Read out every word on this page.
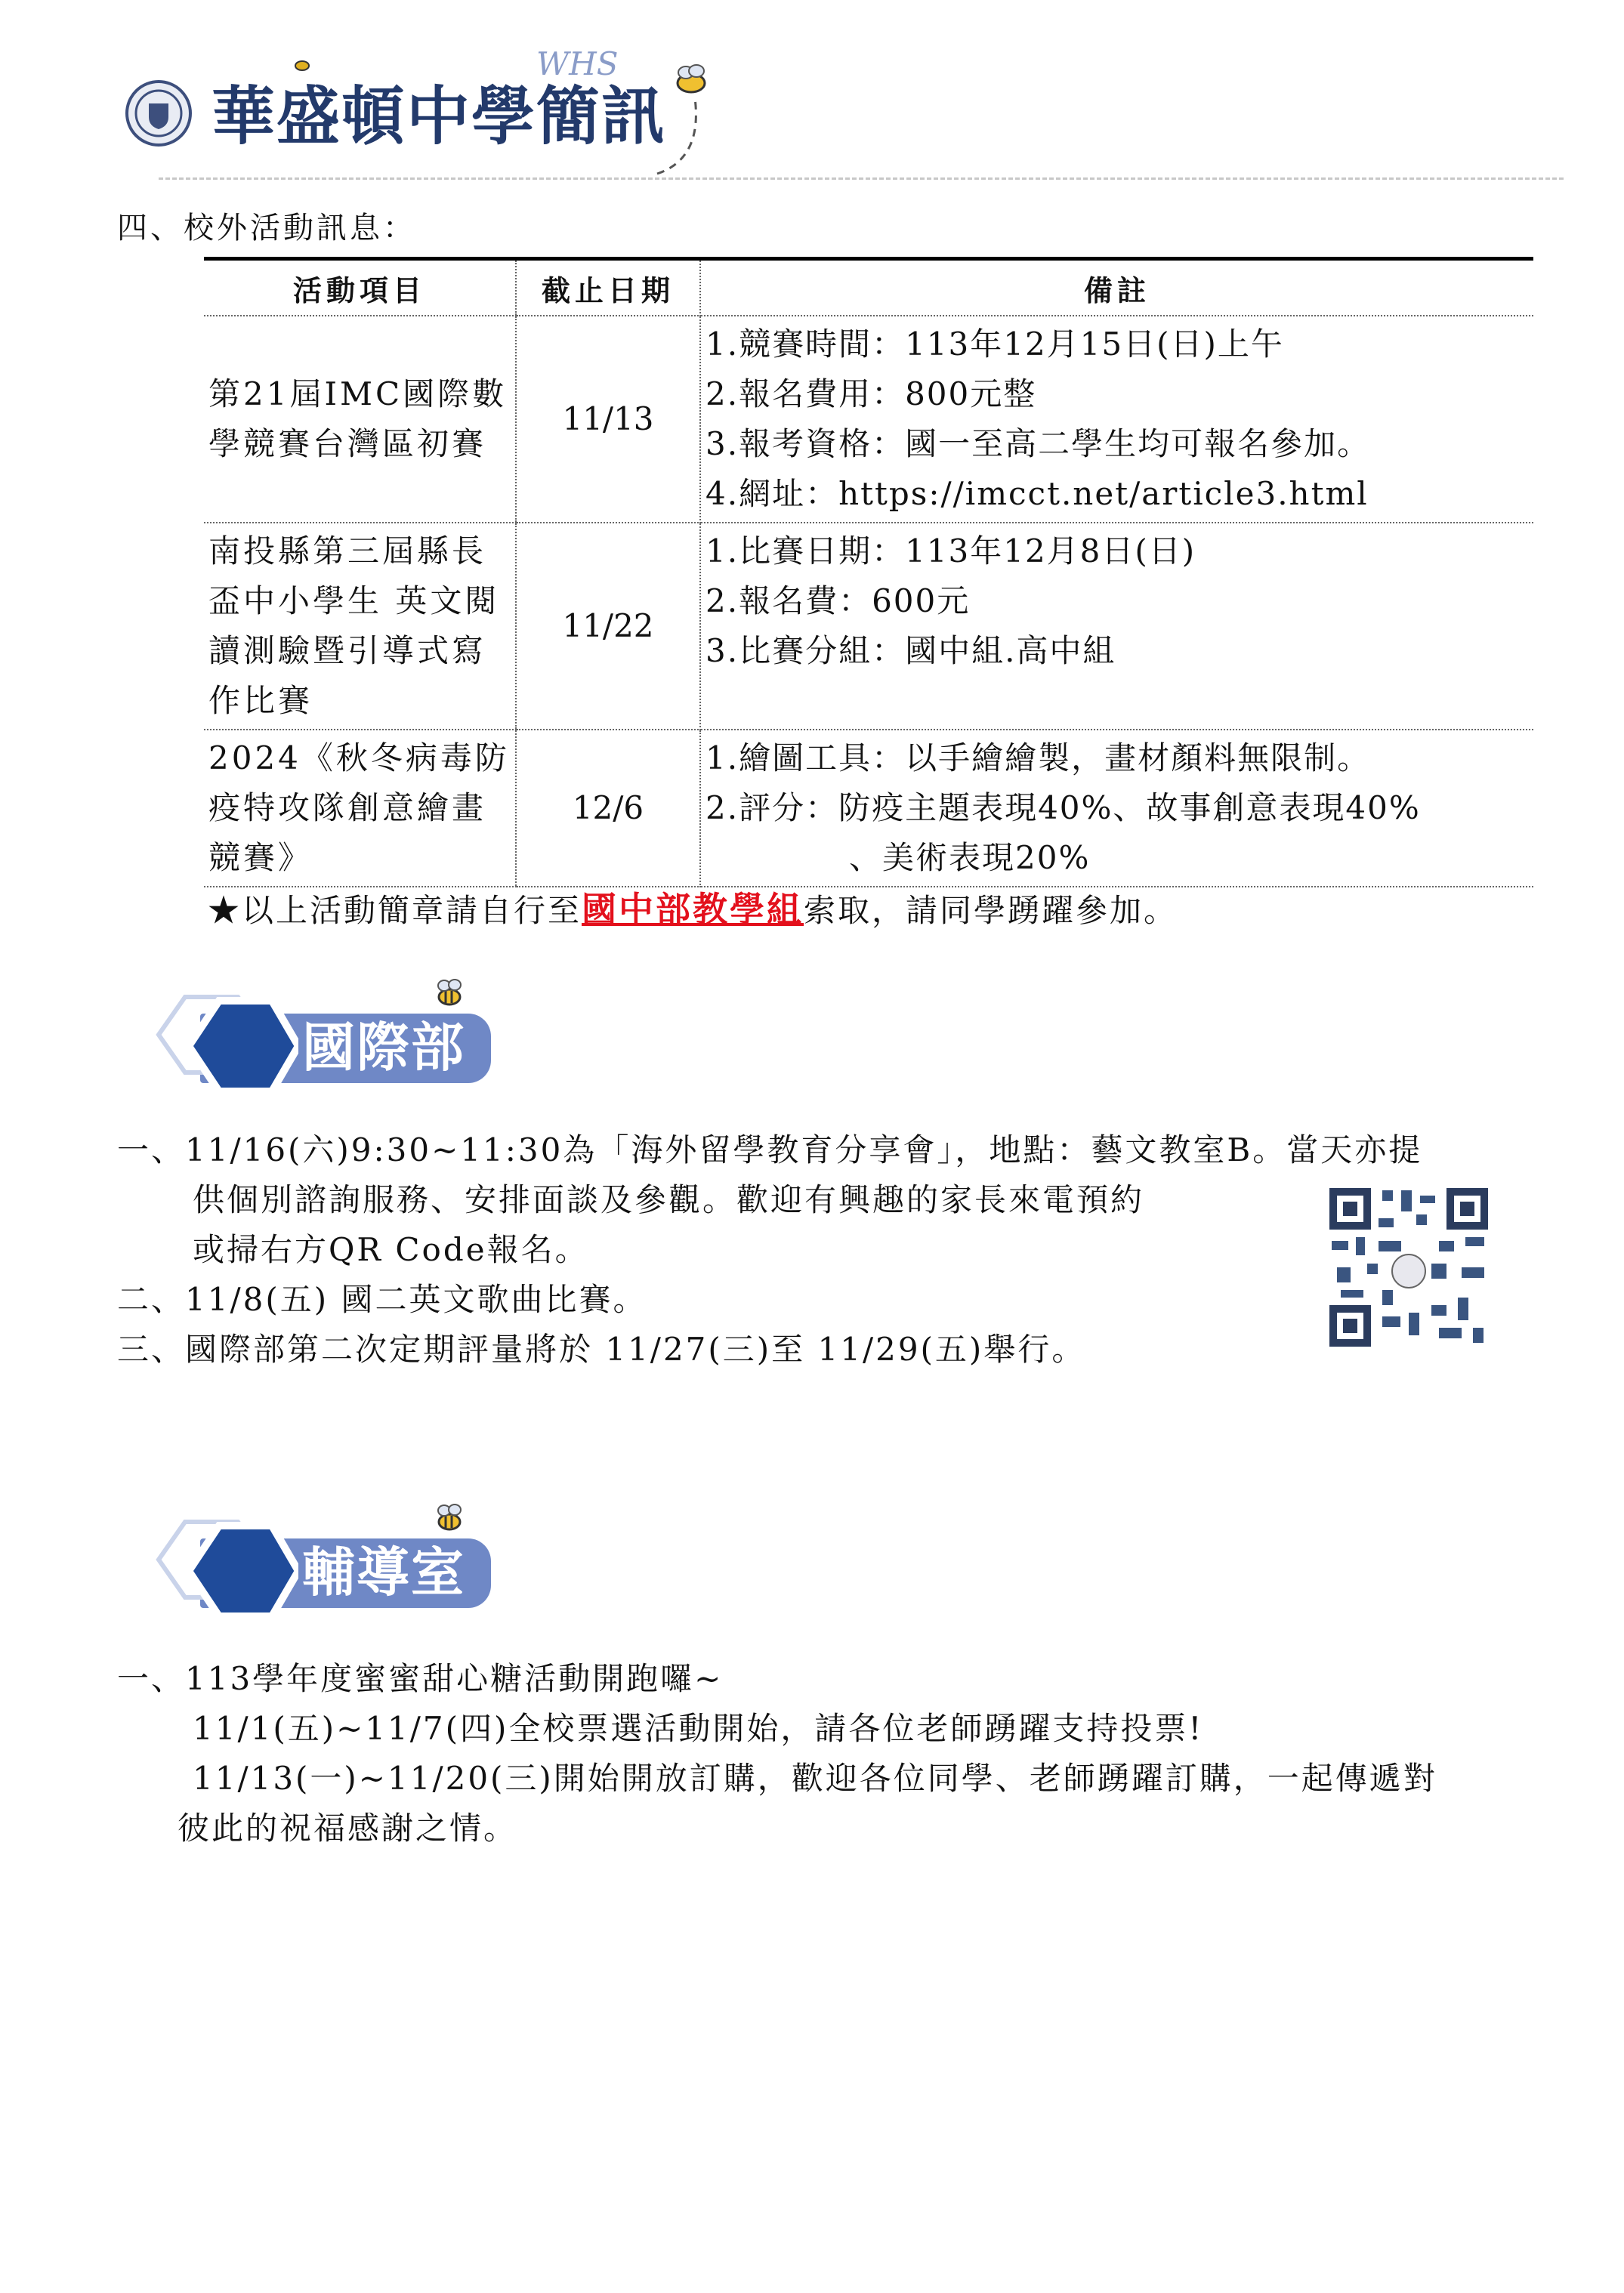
華盛頓中學簡訊
WHS
四、校外活動訊息：
活動項目	截止日期	備註
第21屆IMC國際數
學競賽台灣區初賽	11/13	1.競賽時間：113年12月15日(日)上午
2.報名費用：800元整
3.報考資格：國一至高二學生均可報名參加。
4.網址：https://imcct.net/article3.html
南投縣第三屆縣長
盃中小學生 英文閱
讀測驗暨引導式寫
作比賽	11/22	1.比賽日期：113年12月8日(日)
2.報名費：600元
3.比賽分組：國中組.高中組
2024《秋冬病毒防
疫特攻隊創意繪畫
競賽》	12/6	1.繪圖工具：以手繪繪製，畫材顏料無限制。
2.評分：防疫主題表現40%、故事創意表現40%

、美術表現20%
★以上活動簡章請自行至國中部教學組索取，請同學踴躍參加。
國際部
一、11/16(六)9:30~11:30為「海外留學教育分享會」，地點：藝文教室B。當天亦提
供個別諮詢服務、安排面談及參觀。歡迎有興趣的家長來電預約
或掃右方QR Code報名。
二、11/8(五) 國二英文歌曲比賽。
三、國際部第二次定期評量將於 11/27(三)至 11/29(五)舉行。
輔導室
一、113學年度蜜蜜甜心糖活動開跑囉~
11/1(五)~11/7(四)全校票選活動開始，請各位老師踴躍支持投票!
11/13(一)~11/20(三)開始開放訂購，歡迎各位同學、老師踴躍訂購，一起傳遞對
彼此的祝福感謝之情。
